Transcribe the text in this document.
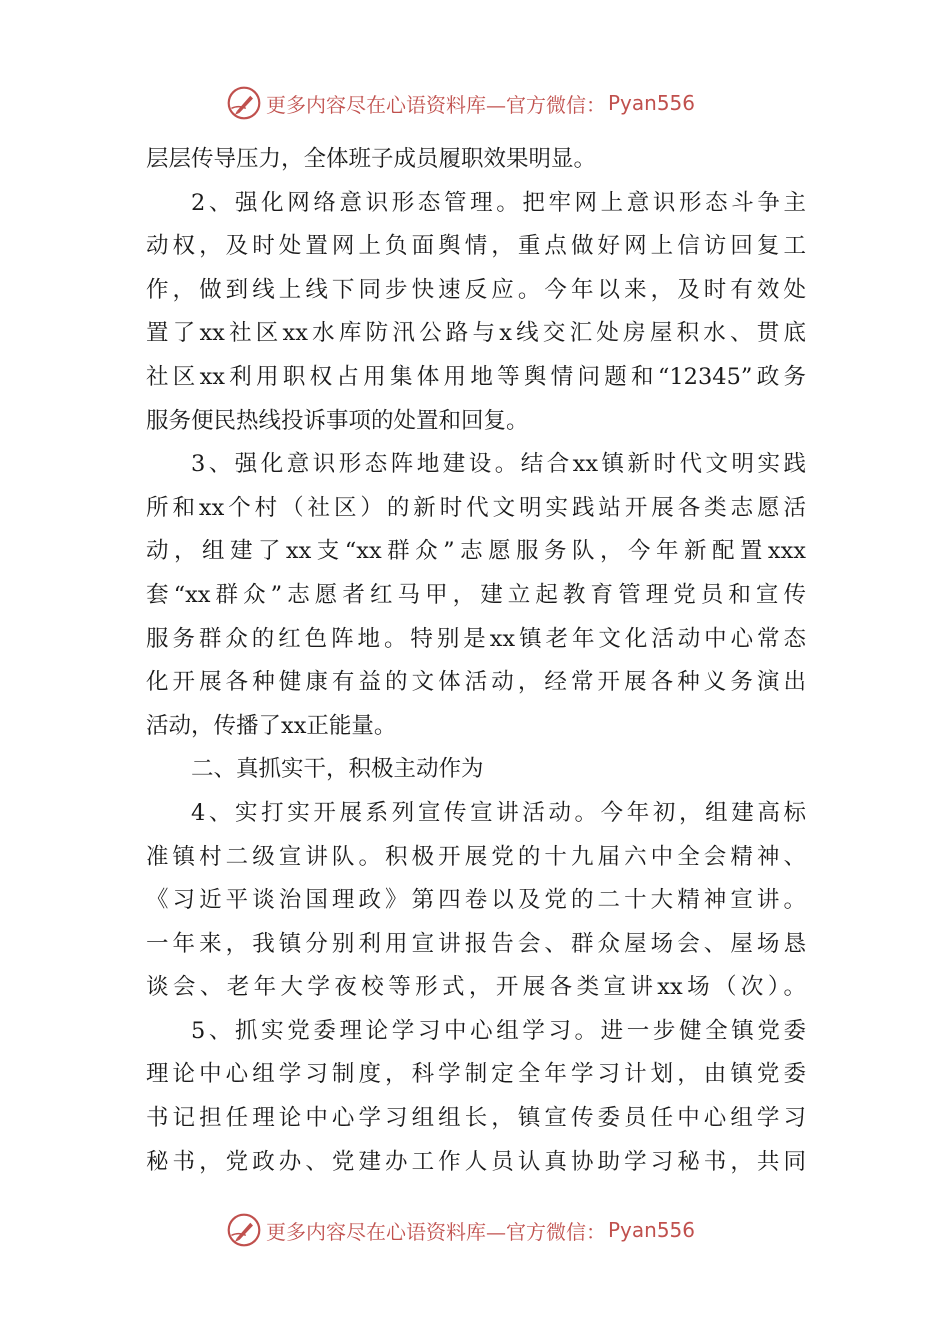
更多内容尽在心语资料库—官方微信： Pyan556
层层传导压力，全体班子成员履职效果明显。
2、强化网络意识形态管理。把牢网上意识形态斗争主
动权，及时处置网上负面舆情，重点做好网上信访回复工
作，做到线上线下同步快速反应。今年以来，及时有效处
置了xx社区xx水库防汛公路与x线交汇处房屋积水、贯底
社区xx利用职权占用集体用地等舆情问题和“12345”政务
服务便民热线投诉事项的处置和回复。
3、强化意识形态阵地建设。结合xx镇新时代文明实践
所和xx个村（社区）的新时代文明实践站开展各类志愿活
动，组建了xx支“xx群众”志愿服务队，今年新配置xxx
套“xx群众”志愿者红马甲，建立起教育管理党员和宣传
服务群众的红色阵地。特别是xx镇老年文化活动中心常态
化开展各种健康有益的文体活动，经常开展各种义务演出
活动，传播了xx正能量。
二、真抓实干，积极主动作为
4、实打实开展系列宣传宣讲活动。今年初，组建高标
准镇村二级宣讲队。积极开展党的十九届六中全会精神、
《习近平谈治国理政》第四卷以及党的二十大精神宣讲。
一年来，我镇分别利用宣讲报告会、群众屋场会、屋场恳
谈会、老年大学夜校等形式，开展各类宣讲xx场（次）。
5、抓实党委理论学习中心组学习。进一步健全镇党委
理论中心组学习制度，科学制定全年学习计划，由镇党委
书记担任理论中心学习组组长，镇宣传委员任中心组学习
秘书，党政办、党建办工作人员认真协助学习秘书，共同
更多内容尽在心语资料库—官方微信： Pyan556
